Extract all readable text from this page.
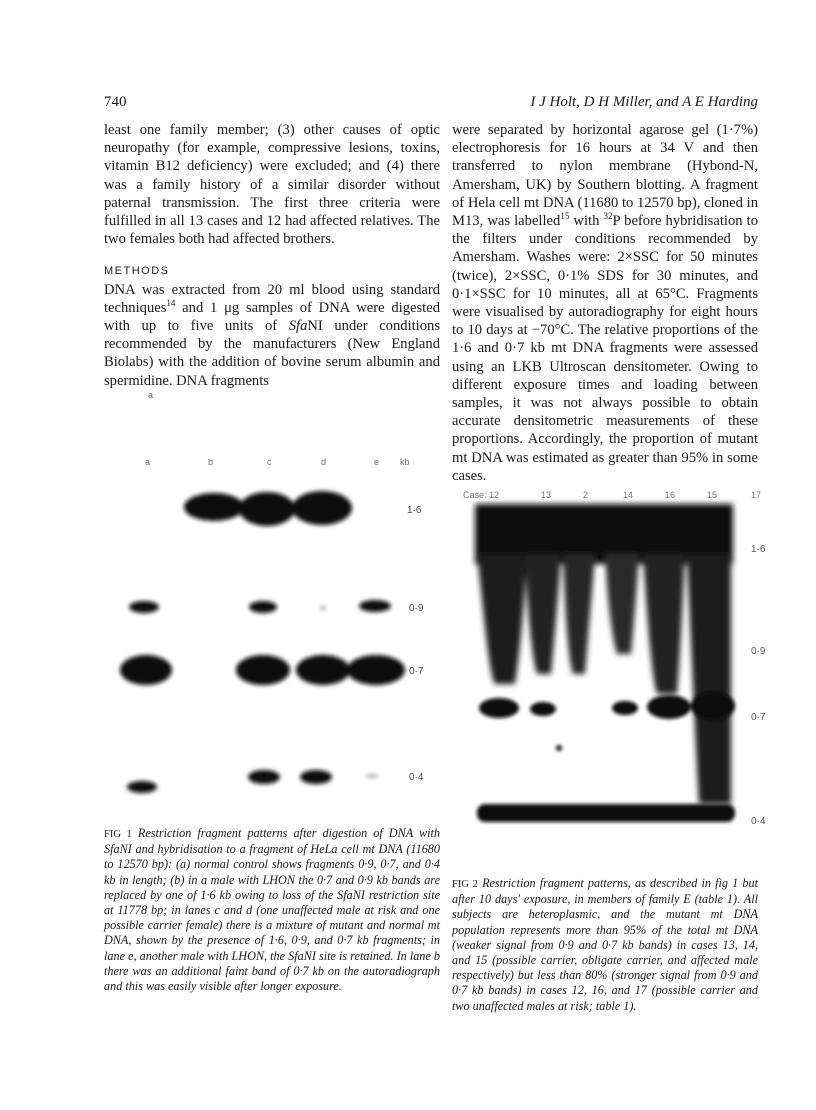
740	I J Holt, D H Miller, and A E Harding

least one family member; (3) other causes of optic neuropathy (for example, compressive lesions, toxins, vitamin B12 deficiency) were excluded; and (4) there was a family history of a similar disorder without paternal transmission. The first three criteria were fulfilled in all 13 cases and 12 had affected relatives. The two females both had affected brothers.

METHODS

DNA was extracted from 20 ml blood using standard techniques$^{14}$ and 1 μg samples of DNA were digested with up to five units of SfaNI under conditions recommended by the manufacturers (New England Biolabs) with the addition of bovine serum albumin and spermidine. DNA fragments

were separated by horizontal agarose gel (1·7%) electrophoresis for 16 hours at 34 V and then transferred to nylon membrane (Hybond-N, Amersham, UK) by Southern blotting. A fragment of Hela cell mt DNA (11680 to 12570 bp), cloned in M13, was labelled$^{15}$ with $^{32}$P before hybridisation to the filters under conditions recommended by Amersham. Washes were: 2×SSC for 50 minutes (twice), 2×SSC, 0·1% SDS for 30 minutes, and 0·1×SSC for 10 minutes, all at 65°C. Fragments were visualised by autoradiography for eight hours to 10 days at −70°C. The relative proportions of the 1·6 and 0·7 kb mt DNA fragments were assessed using an LKB Ultroscan densitometer. Owing to different exposure times and loading between samples, it was not always possible to obtain accurate densitometric measurements of these proportions. Accordingly, the proportion of mutant mt DNA was estimated as greater than 95% in some cases.

a
a	b	c	d	e kb
1·6
0·9
0·7
0·4
Case: 12	13	2	14	16	15	17
1·6
0·9
0·7
0·4
FIG 1 Restriction fragment patterns after digestion of DNA with SfaNI and hybridisation to a fragment of HeLa cell mt DNA (11680 to 12570 bp): (a) normal control shows fragments 0·9, 0·7, and 0·4 kb in length; (b) in a male with LHON the 0·7 and 0·9 kb bands are replaced by one of 1·6 kb owing to loss of the SfaNI restriction site at 11778 bp; in lanes c and d (one unaffected male at risk and one possible carrier female) there is a mixture of mutant and normal mt DNA, shown by the presence of 1·6, 0·9, and 0·7 kb fragments; in lane e, another male with LHON, the SfaNI site is retained. In lane b there was an additional faint band of 0·7 kb on the autoradiograph and this was easily visible after longer exposure.
FIG 2 Restriction fragment patterns, as described in fig 1 but after 10 days' exposure, in members of family E (table 1). All subjects are heteroplasmic, and the mutant mt DNA population represents more than 95% of the total mt DNA (weaker signal from 0·9 and 0·7 kb bands) in cases 13, 14, and 15 (possible carrier, obligate carrier, and affected male respectively) but less than 80% (stronger signal from 0·9 and 0·7 kb bands) in cases 12, 16, and 17 (possible carrier and two unaffected males at risk; table 1).
